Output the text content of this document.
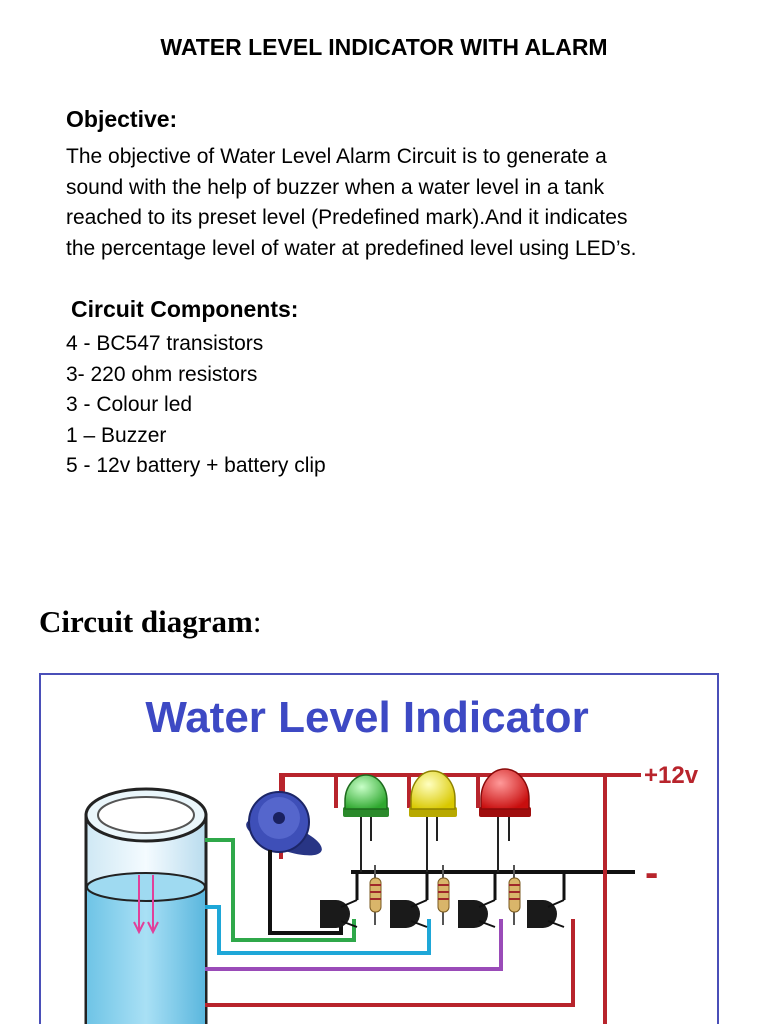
WATER LEVEL INDICATOR WITH ALARM
Objective:
The objective of Water Level Alarm Circuit is to generate a
sound with the help of buzzer when a water level in a tank
reached to its preset level (Predefined mark).And it indicates
the percentage level of water at predefined level using LED’s.
Circuit Components:
4 - BC547 transistors
3- 220 ohm resistors
3 - Colour led
1 – Buzzer
5 - 12v battery + battery clip
Circuit diagram:
Water Level Indicator
+12v
-
